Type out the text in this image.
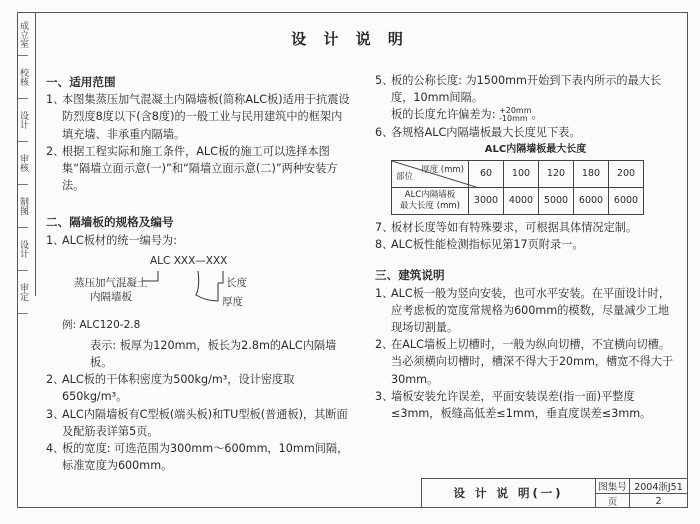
成立室
校核
设计
审核
制图
设计
审定
设 计 说 明
一、适用范围
1、
本图集蒸压加气混凝土内隔墙板(简称ALC板)适用于抗震设防烈度8度以下(含8度)的一般工业与民用建筑中的框架内填充墙、非承重内隔墙。
2、
根据工程实际和施工条件，ALC板的施工可以选择本图集“隔墙立面示意(一)”和“隔墙立面示意(二)”两种安装方法。
二、隔墙板的规格及编号
1、
ALC板材的统一编号为:
ALC XXX—XXX
蒸压加气混凝土
内隔墙板
长度
厚度
例: ALC120-2.8
表示: 板厚为120mm，板长为2.8m的ALC内隔墙板。
2、
ALC板的干体积密度为500kg/m³，设计密度取650kg/m³。
3、
ALC内隔墙板有C型板(端头板)和TU型板(普通板)，其断面及配筋表详第5页。
4、
板的宽度: 可选范围为300mm～600mm，10mm间隔，标准宽度为600mm。
5、
板的公称长度: 为1500mm开始到下表内所示的最大长度，10mm间隔。
板的长度允许偏差为: +20mm
-10mm 。
6、
各规格ALC内隔墙板最大长度见下表。
ALC内隔墙板最大长度
厚度 (mm)
部位	60	100	120	180	200
ALC内隔墙板
最大长度 (mm)	3000	4000	5000	6000	6000
7、
板材长度等如有特殊要求，可根据具体情况定制。
8、
ALC板性能检测指标见第17页附录一。
三、建筑说明
1、
ALC板一般为竖向安装，也可水平安装。在平面设计时，应考虑板的宽度常规格为600mm的模数，尽量减少工地现场切割量。
2、
在ALC墙板上切槽时，一般为纵向切槽，不宜横向切槽。当必须横向切槽时，槽深不得大于20mm，槽宽不得大于30mm。
3、
墙板安装允许误差，平面安装误差(指一面)平整度≤3mm，板缝高低差≤1mm，垂直度误差≤3mm。
设 计 说 明(一)	图集号 2004浙J51
页	2
